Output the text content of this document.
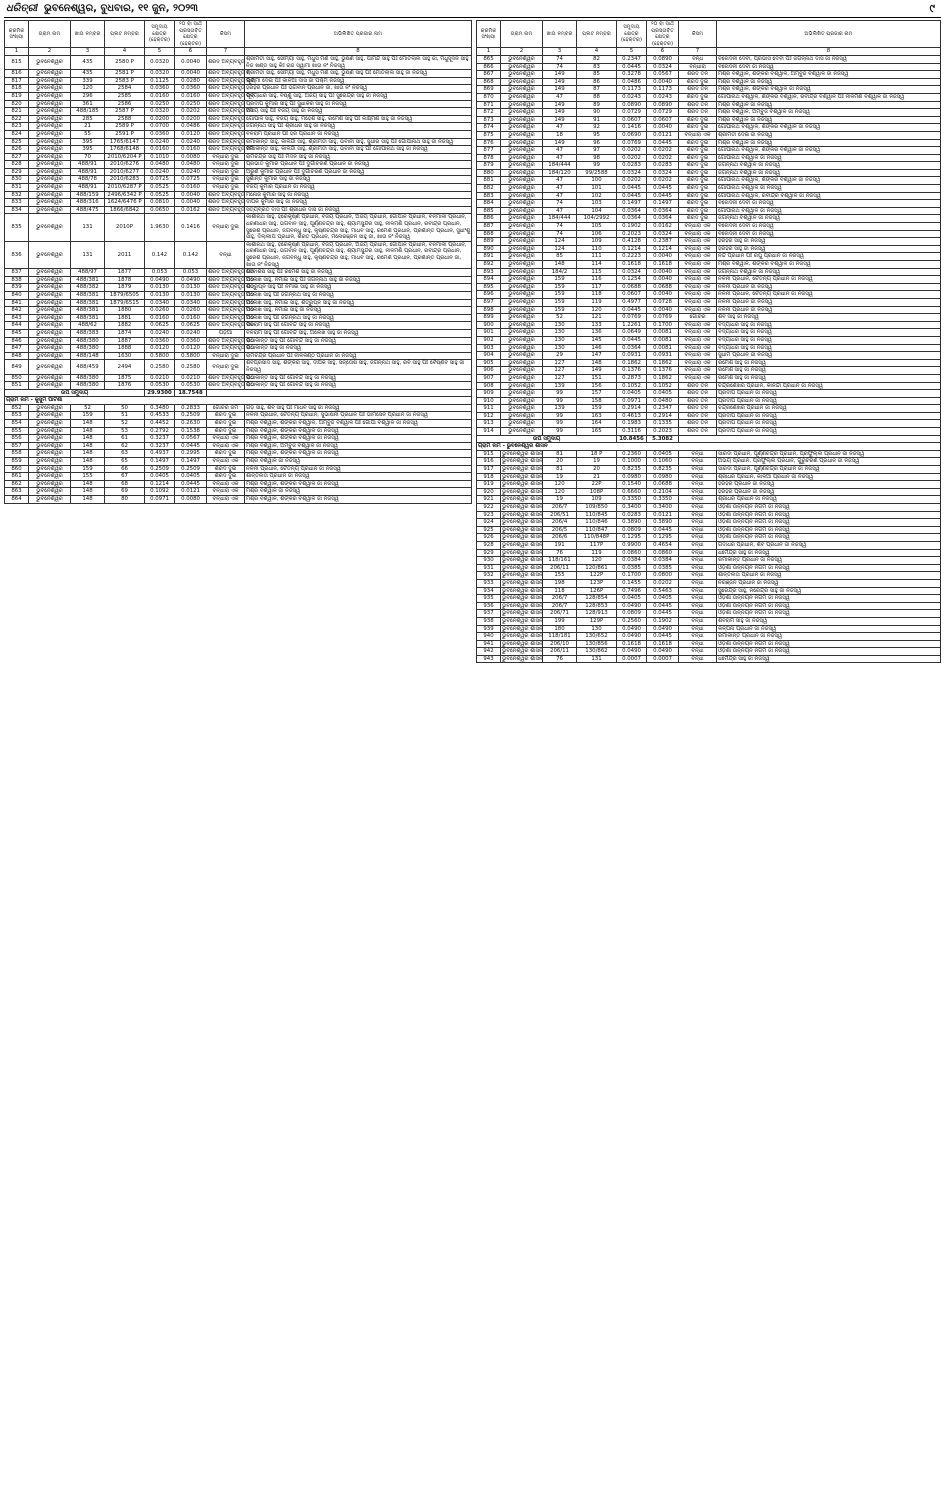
ଧରିତ୍ରୀ ଭୁବନେଶ୍ୱର, ବୁଧବାର, ୧୧ ଜୁନ, ୨୦୨୩	୯
କ୍ରମିକ ସଂଖ୍ୟା	ଗ୍ରାମ ନାମ	ଖାତା ନମ୍ବର	ପ୍ଲଟ ନମ୍ବର	ସମୁଦାୟ କ୍ଷେତ୍ର (ହେକ୍ଟର)	୨୦ ବା ସାର୍ଥ ପ୍ରସ୍ତାବିତ କ୍ଷେତ୍ର (ହେକ୍ଟର)	କିସମ	ଅଭିଲିଖିତ ପ୍ରଜାର ନାମ
1	2	3	4	5	6	7	8
815	ଭୁବନେଶ୍ୱର	435	2580 P	0.0320	0.0040	ଶରଦ ଅବ୍ୟବହୃତ	ଶ୍ରୀମତୀ ସାହୁ, ସୌମ୍ୟା ସାହୁ, ମଧୁସ ମଣି ସାହୁ, ଭୁଷଣ ସାହୁ, ପାମିନ୍ଦ ସାହୁ ପିଃ ମୋତିଲାଲ ସାହୁ ଜା, ମଧୁସୂଦନ ସାହୁ ନିଜ ଖଣ୍ଡ ସାହୁ କିଃ ରାଜ ସ୍ୱାମୀ ଖାତା ନଂ ନିଜସ୍ୱ
816	ଭୁବନେଶ୍ୱର	435	2581 P	0.0320	0.0040	ଶରଦ ଅବ୍ୟବହୃତ ୧	ଶ୍ରୀମତୀ ସାହୁ, ସୌମ୍ୟା ସାହୁ, ମଧୁସ ମଣି ସାହୁ, ଭୁଷଣ ସାହୁ ପିଃ ମୋତିଲାଲ ସାହୁ ଜା ନିଜସ୍ୱ
817	ଭୁବନେଶ୍ୱର	339	2583 P	0.1125	0.0280	ଶରଦ ଅବ୍ୟବହୃତ ପୂର୍ବ	ଲକ୍ଷ୍ମୀ ଦେଇ ପିଃ କାଳିଆ ଦାସ ଜା ପଶ୍ଚିମ ନିଜସ୍ୱ
818	ଭୁବନେଶ୍ୱର	120	2584	0.0360	0.0360	ଶରଦ ଅବ୍ୟବହୃତ	ହରିହର ପ୍ରଧାନ ପିଃ ଭଗବାନ ପ୍ରଧାନ ଜା, ଖାତା ନଂ ନିଜସ୍ୱ
819	ଭୁବନେଶ୍ୱର	296	2585	0.0160	0.0160	ଶରଦ ଅବ୍ୟବହୃତ ପୂର୍ବ	ବିଦ୍ୟାଧର ସାହୁ, ବିଷ୍ଣୁ ସାହୁ, ଅଜୟ ସାହୁ ପିଃ ସୁରେନ୍ଦ୍ର ସାହୁ ଜା ନିଜସ୍ୱ
820	ଭୁବନେଶ୍ୱର	361	2586	0.0250	0.0250	ଶରଦ ଅବ୍ୟବହୃତ	ପ୍ରଦୀପ କୁମାର ସାହୁ ପିଃ ସୁଧାକର ସାହୁ ଜା ନିଜସ୍ୱ
821	ଭୁବନେଶ୍ୱର	488/185	2587 P	0.0320	0.0202	ଶରଦ ଅବ୍ୟବହୃତ ୧ମ	ଅଜୟ ସାହୁ ପିଃ ବିଜୟ ସାହୁ ଜା ନିଜସ୍ୱ
822	ଭୁବନେଶ୍ୱର	285	2588	0.0200	0.0200	ଶରଦ ଅବ୍ୟବହୃତ	ଗୋପାଳ ସାହୁ, ବିଜୟ ସାହୁ, ମହେଶ ସାହୁ, ରମେଶ ସାହୁ ପିଃ ଲକ୍ଷ୍ମଣ ସାହୁ ଜା ନିଜସ୍ୱ
823	ଭୁବନେଶ୍ୱର	21	2589 P	0.0700	0.0486	ଶରଦ ଅବ୍ୟବହୃତ	ଜଗନ୍ନାଥ ସାହୁ ପିଃ ଶ୍ରୀଧର ସାହୁ ଜା ନିଜସ୍ୱ
824	ଭୁବନେଶ୍ୱର	55	2591 P	0.0360	0.0120	ଶରଦ ଅବ୍ୟବହୃତ	ବଳରାମ ପ୍ରଧାନ ପିଃ ହରି ପ୍ରଧାନ ଜା ନିଜସ୍ୱ
825	ଭୁବନେଶ୍ୱର	395	1765/6147	0.0240	0.0240	ଶରଦ ଅବ୍ୟବହୃତ	ରମାକାନ୍ତ ସାହୁ, କାଳିନ୍ଦୀ ସାହୁ, ଶ୍ରୀମତୀ ସାହୁ, ଭବାନୀ ସାହୁ, ସୁଧୀର ସାହୁ ପିଃ ଗୋପୀନାଥ ସାହୁ ଜା ନିଜସ୍ୱ
826	ଭୁବନେଶ୍ୱର	395	1768/6148	0.0160	0.0160	ଶରଦ ଅବ୍ୟବହୃତ ୧ମ	ରମାକାନ୍ତ ସାହୁ, କାଳିନ୍ଦୀ ସାହୁ, ଶ୍ରୀମତୀ ସାହୁ, ଭବାନୀ ସାହୁ ପିଃ ଗୋପୀନାଥ ସାହୁ ଜା ନିଜସ୍ୱ
827	ଭୁବନେଶ୍ୱର	70	2010/6204 P	0.1010	0.0080	ବନ୍ଧାରା ଦୁଇ	ରାମଚନ୍ଦ୍ର ସାହୁ ପିଃ ମଦନ ସାହୁ ଜା ନିଜସ୍ୱ
828	ଭୁବନେଶ୍ୱର	488/91	2010/6276	0.0480	0.0480	ବନ୍ଧାରା ଦୁଇ	ପ୍ରଭାତ କୁମାର ପ୍ରଧାନ ପିଃ ଦୁର୍ଗାଚରଣ ପ୍ରଧାନ ଜା ନିଜସ୍ୱ
829	ଭୁବନେଶ୍ୱର	488/91	2010/6277	0.0240	0.0240	ବନ୍ଧାରା ଦୁଇ	ଅରୁଣ କୁମାର ପ୍ରଧାନ ପିଃ ଦୁର୍ଗାଚରଣ ପ୍ରଧାନ ଜା ନିଜସ୍ୱ
830	ଭୁବନେଶ୍ୱର	488/78	2010/6283	0.0725	0.0725	ବନ୍ଧାରା ଦୁଇ	ସୁଶାନ୍ତ କୁମାର ସାହୁ ଜା ନିଜସ୍ୱ
831	ଭୁବନେଶ୍ୱର	488/91	2010/6287 P	0.0525	0.0160	ବନ୍ଧାରା ଦୁଇ	ବିଜୟ କୁମାର ପ୍ରଧାନ ଜା ନିଜସ୍ୱ
832	ଭୁବନେଶ୍ୱର	488/159	2496/6342 P	0.0525	0.0040	ଶରଦ ଅବ୍ୟବହୃତ	ମନୋଜ କୁମାର ସାହୁ ଜା ନିଜସ୍ୱ
833	ଭୁବନେଶ୍ୱର	488/316	1624/6476 P	0.0810	0.0040	ଶରଦ ଅବ୍ୟବହୃତ	ଦୀପକ କୁମାର ସାହୁ ଜା ନିଜସ୍ୱ
834	ଭୁବନେଶ୍ୱର	488/475	1866/6842	0.0650	0.0162	ଶରଦ ଅବ୍ୟବହୃତ	ସତ୍ୟବ୍ରତ ଦାସ ପିଃ ଶ୍ରୀଧର ଦାସ ଜା ନିଜସ୍ୱ
835	ଭୁବନେଶ୍ୱର	131	2010P	1.9630	0.1416	ବନ୍ଧାରା ଦୁଇ	କାଶୀନାଥ ସାହୁ, ହରେକୃଷ୍ଣ ପ୍ରଧାନ, ବିଜୟ ପ୍ରଧାନ, ଅଜୟ ପ୍ରଧାନ, ଗୋପାଳ ପ୍ରଧାନ, ବନମାଳୀ ପ୍ରଧାନ, ଧରଣୀଧର ସାହୁ, ଭଗବାନ ସାହୁ, ପୂର୍ଣ୍ଣଚନ୍ଦ୍ର ସାହୁ, ଶ୍ୟାମସୁନ୍ଦର ସାହୁ, ନୀଳମଣି ପ୍ରଧାନ, ରବୀନ୍ଦ୍ର ପ୍ରଧାନ, ସୁରେଶ ପ୍ରଧାନ, ଜଗବନ୍ଧୁ ସାହୁ, କୃଷ୍ଣଚନ୍ଦ୍ର ସାହୁ, ମାଧବ ସାହୁ, ରମେଶ ପ୍ରଧାନ, ପ୍ରଶାନ୍ତ ପ୍ରଧାନ, ସୁଧାଂଶୁ ସାହୁ, ଦିଲ୍ଲୀପ ପ୍ରଧାନ, ଶରତ ପ୍ରଧାନ, ମନୋରଞ୍ଜନ ସାହୁ ଜା, ଖାତା ନଂ ନିଜସ୍ୱ
836	ଭୁବନେଶ୍ୱର	131	2011	0.142	0.142	ବନ୍ଧା	କାଶୀନାଥ ସାହୁ, ହରେକୃଷ୍ଣ ପ୍ରଧାନ, ବିଜୟ ପ୍ରଧାନ, ଅଜୟ ପ୍ରଧାନ, ଗୋପାଳ ପ୍ରଧାନ, ବନମାଳୀ ପ୍ରଧାନ, ଧରଣୀଧର ସାହୁ, ଭଗବାନ ସାହୁ, ପୂର୍ଣ୍ଣଚନ୍ଦ୍ର ସାହୁ, ଶ୍ୟାମସୁନ୍ଦର ସାହୁ, ନୀଳମଣି ପ୍ରଧାନ, ରବୀନ୍ଦ୍ର ପ୍ରଧାନ, ସୁରେଶ ପ୍ରଧାନ, ଜଗବନ୍ଧୁ ସାହୁ, କୃଷ୍ଣଚନ୍ଦ୍ର ସାହୁ, ମାଧବ ସାହୁ, ରମେଶ ପ୍ରଧାନ, ପ୍ରଶାନ୍ତ ପ୍ରଧାନ ଜା, ଖାତା ନଂ ନିଜସ୍ୱ
837	ଭୁବନେଶ୍ୱର	488/97	1877	0.053	0.053	ଶରଦ ଅବ୍ୟବହୃତ ପିଠି	ଦେବାଶିଷ ସାହୁ ପିଃ ରମେଶ ସାହୁ ଜା ନିଜସ୍ୱ
838	ଭୁବନେଶ୍ୱର	488/381	1878	0.0490	0.0490	ଶରଦ ଅବ୍ୟବହୃତ ପିଠି	ଅଲେଖ ସାହୁ, ନିମାଇ ସାହୁ ପିଃ ଜଗନ୍ନାଥ ସାହୁ ଜା ନିଜସ୍ୱ
839	ଭୁବନେଶ୍ୱର	488/382	1879	0.0130	0.0130	ଶରଦ ଅବ୍ୟବହୃତ ପିଠି	ଶତ୍ରୁଘ୍ନ ସାହୁ ପିଃ ନିମାଇ ସାହୁ ଜା ନିଜସ୍ୱ
840	ଭୁବନେଶ୍ୱର	488/381	1879/6505	0.0130	0.0130	ଶରଦ ଅବ୍ୟବହୃତ ପିଠି	ଅଲେଖ ସାହୁ ପିଃ ଜଗନ୍ନାଥ ସାହୁ ଜା ନିଜସ୍ୱ
841	ଭୁବନେଶ୍ୱର	488/381	1879/6515	0.0340	0.0340	ଶରଦ ଅବ୍ୟବହୃତ ପିଠି	ଅଲେଖ ସାହୁ, ନିମାଇ ସାହୁ, ଶତ୍ରୁଘ୍ନ ସାହୁ ଜା ନିଜସ୍ୱ
842	ଭୁବନେଶ୍ୱର	488/381	1880	0.0260	0.0260	ଶରଦ ଅବ୍ୟବହୃତ ପିଠି	ଅଲେଖ ସାହୁ, ନିମାଇ ସାହୁ ଜା ନିଜସ୍ୱ
843	ଭୁବନେଶ୍ୱର	488/381	1881	0.0160	0.0160	ଶରଦ ଅବ୍ୟବହୃତ ପିଠି	ଅଲେଖ ସାହୁ ପିଃ ଜଗନ୍ନାଥ ସାହୁ ଜା ନିଜସ୍ୱ
844	ଭୁବନେଶ୍ୱର	488/62	1882	0.0625	0.0625	ଶରଦ ଅବ୍ୟବହୃତ ପିଠି	ବଳରାମ ସାହୁ ପିଃ ଗୋବିନ୍ଦ ସାହୁ ଜା ନିଜସ୍ୱ
845	ଭୁବନେଶ୍ୱର	488/383	1874	0.0240	0.0240	ପଡ଼ିଆ	ବଳରାମ ସାହୁ ପିଃ ଗୋବିନ୍ଦ ସାହୁ, ଅଲେଖ ସାହୁ ଜା ନିଜସ୍ୱ
846	ଭୁବନେଶ୍ୱର	488/380	1887	0.0360	0.0360	ଶରଦ ଅବ୍ୟବହୃତ ପିଠି	ରାଧାକାନ୍ତ ସାହୁ ପିଃ ଗୋବିନ୍ଦ ସାହୁ ଜା ନିଜସ୍ୱ
847	ଭୁବନେଶ୍ୱର	488/380	1888	0.0120	0.0120	ଶରଦ ଅବ୍ୟବହୃତ ପିଠି	ରାଧାକାନ୍ତ ସାହୁ ଜା ନିଜସ୍ୱ
848	ଭୁବନେଶ୍ୱର	488/148	1630	0.5800	0.5800	ବନ୍ଧାରା ଦୁଇ	ରାମଚନ୍ଦ୍ର ପ୍ରଧାନ ପିଃ ନୀଳକଣ୍ଠ ପ୍ରଧାନ ଜା ନିଜସ୍ୱ
849	ଭୁବନେଶ୍ୱର	488/459	2494	0.2580	0.2580	ବନ୍ଧାରା ଦୁଇ	ଶିବପ୍ରସାଦ ସାହୁ, ଶଙ୍କର ସାହୁ, ଦୀପକ ସାହୁ, ସନ୍ତୋଷ ସାହୁ, ଜଗନ୍ନାଥ ସାହୁ, ରବି ସାହୁ ପିଃ ବୈଷ୍ଣବ ସାହୁ ଜା ନିଜସ୍ୱ
850	ଭୁବନେଶ୍ୱର	488/380	1875	0.0210	0.0210	ଶରଦ ଅବ୍ୟବହୃତ ପିଠି	ରାଧାକାନ୍ତ ସାହୁ ପିଃ ଗୋବିନ୍ଦ ସାହୁ ଜା ନିଜସ୍ୱ
851	ଭୁବନେଶ୍ୱର	488/380	1876	0.0530	0.0530	ଶରଦ ଅବ୍ୟବହୃତ ପିଠି	ରାଧାକାନ୍ତ ସାହୁ ପିଃ ଗୋବିନ୍ଦ ସାହୁ ଜା ନିଜସ୍ୱ
ଉପ ସମୁଦାୟ				29.9300	18.7548		
ଗ୍ରାମ ନାମ - କୁସୁମ ପାଟଣା							
852	ଭୁବନେଶ୍ୱର	52	50	0.3480	0.2833	ଗୋଚର ଜମି	ଗଡ଼ ସାହୁ, ଶିବ ସାହୁ ପିଃ ମାଧବ ସାହୁ ଜା ନିଜସ୍ୱ
853	ଭୁବନେଶ୍ୱର	159	51	0.4533	0.2509	ଶରଦ ଦୁଇ	ନଳିନୀ ପ୍ରଧାନ, ଚୈତନ୍ୟ ପ୍ରଧାନ, ସୁଭାଷିନୀ ପ୍ରଧାନ ପିଃ ଭୀମସେନ ପ୍ରଧାନ ଜା ନିଜସ୍ୱ
854	ଭୁବନେଶ୍ୱର	148	52	0.4452	0.2630	ଶରଦ ଦୁଇ	ମିଶ୍ର ବିଶ୍ୱାଳ, ଶଙ୍କର ବିଶ୍ୱାଳ, ଅମ୍ବୁଜ ବିଶ୍ୱାଳ ପିଃ ଗୋପୀ ବିଶ୍ୱାଳ ଜା ନିଜସ୍ୱ
855	ଭୁବନେଶ୍ୱର	148	53	0.2792	0.1538	ଶରଦ ଦୁଇ	ମିଶ୍ର ବିଶ୍ୱାଳ, ଶଙ୍କର ବିଶ୍ୱାଳ ଜା ନିଜସ୍ୱ
856	ଭୁବନେଶ୍ୱର	148	61	0.3237	0.0567	ବନ୍ଧାରା ଏକ	ମିଶ୍ର ବିଶ୍ୱାଳ, ଶଙ୍କର ବିଶ୍ୱାଳ ଜା ନିଜସ୍ୱ
857	ଭୁବନେଶ୍ୱର	148	62	0.3237	0.0445	ବନ୍ଧାରା ଏକ	ମିଶ୍ର ବିଶ୍ୱାଳ, ଅମ୍ବୁଜ ବିଶ୍ୱାଳ ଜା ନିଜସ୍ୱ
858	ଭୁବନେଶ୍ୱର	148	63	0.4937	0.2995	ଶରଦ ଦୁଇ	ମିଶ୍ର ବିଶ୍ୱାଳ, ଶଙ୍କର ବିଶ୍ୱାଳ ଜା ନିଜସ୍ୱ
859	ଭୁବନେଶ୍ୱର	148	65	0.1497	0.1497	ବନ୍ଧାରା ଏକ	ମିଶ୍ର ବିଶ୍ୱାଳ ଜା ନିଜସ୍ୱ
860	ଭୁବନେଶ୍ୱର	159	66	0.2509	0.2509	ଶରଦ ଦୁଇ	ନଳିନୀ ପ୍ରଧାନ, ଚୈତନ୍ୟ ପ୍ରଧାନ ଜା ନିଜସ୍ୱ
861	ଭୁବନେଶ୍ୱର	155	67	0.0405	0.0405	ଶରଦ ଦୁଇ	ଶାନ୍ତିଲତା ପ୍ରଧାନ ଜା ନିଜସ୍ୱ
862	ଭୁବନେଶ୍ୱର	148	68	0.1214	0.0445	ବନ୍ଧାରା ଏକ	ମିଶ୍ର ବିଶ୍ୱାଳ, ଶଙ୍କର ବିଶ୍ୱାଳ ଜା ନିଜସ୍ୱ
863	ଭୁବନେଶ୍ୱର	148	69	0.1092	0.0121	ବନ୍ଧାରା ଏକ	ମିଶ୍ର ବିଶ୍ୱାଳ ଜା ନିଜସ୍ୱ
864	ଭୁବନେଶ୍ୱର	148	80	0.0971	0.0080	ବନ୍ଧାରା ଏକ	ମିଶ୍ର ବିଶ୍ୱାଳ, ଶଙ୍କର ବିଶ୍ୱାଳ ଜା ନିଜସ୍ୱ
କ୍ରମିକ ସଂଖ୍ୟା	ଗ୍ରାମ ନାମ	ଖାତା ନମ୍ବର	ପ୍ଲଟ ନମ୍ବର	ସମୁଦାୟ କ୍ଷେତ୍ର (ହେକ୍ଟର)	୨୦ ବା ସାର୍ଥ ପ୍ରସ୍ତାବିତ କ୍ଷେତ୍ର (ହେକ୍ଟର)	କିସମ	ଅଭିଲିଖିତ ପ୍ରଜାର ନାମ
1	2	3	4	5	6	7	8
865	ଭୁବନେଶ୍ୱର	74	82	0.2347	0.0890	ବନ୍ଧ	ବିନୋଦିନୀ ଦେବୀ, ପ୍ରଭାସ ଦେବୀ ପିଃ ଜଗନ୍ନାଥ ଦାସ ଜା ନିଜସ୍ୱ
866	ଭୁବନେଶ୍ୱର	74	83	0.0445	0.0324	ବନ୍ଧାରା	ବିନୋଦିନୀ ଦେବୀ ଜା ନିଜସ୍ୱ
867	ଭୁବନେଶ୍ୱର	149	85	0.3278	0.0567	ଶରଦ ତିନି	ମିଶ୍ର ବିଶ୍ୱାଳ, ଶଙ୍କର ବିଶ୍ୱାଳ, ଅମ୍ବୁଜ ବିଶ୍ୱାଳ ଜା ନିଜସ୍ୱ
868	ଭୁବନେଶ୍ୱର	149	86	0.0486	0.0040	ଶରଦ ଦୁଇ	ମିଶ୍ର ବିଶ୍ୱାଳ ଜା ନିଜସ୍ୱ
869	ଭୁବନେଶ୍ୱର	149	87	0.1173	0.1173	ଶରଦ ତିନି	ମିଶ୍ର ବିଶ୍ୱାଳ, ଶଙ୍କର ବିଶ୍ୱାଳ ଜା ନିଜସ୍ୱ
870	ଭୁବନେଶ୍ୱର	47	88	0.0243	0.0243	ଶରଦ ଦୁଇ	ଗୋପୀନାଥ ବିଶ୍ୱାଳ, ଶଙ୍କର ବିଶ୍ୱାଳ, ରବୀନ୍ଦ୍ର ବିଶ୍ୱାଳ ପିଃ ନୀଳମଣି ବିଶ୍ୱାଳ ଜା ନିଜସ୍ୱ
871	ଭୁବନେଶ୍ୱର	149	89	0.0890	0.0890	ଶରଦ ତିନି	ମିଶ୍ର ବିଶ୍ୱାଳ ଜା ନିଜସ୍ୱ
872	ଭୁବନେଶ୍ୱର	149	90	0.0729	0.0729	ଶରଦ ତିନି	ମିଶ୍ର ବିଶ୍ୱାଳ, ଅମ୍ବୁଜ ବିଶ୍ୱାଳ ଜା ନିଜସ୍ୱ
873	ଭୁବନେଶ୍ୱର	149	91	0.0607	0.0607	ଶରଦ ଦୁଇ	ମିଶ୍ର ବିଶ୍ୱାଳ ଜା ନିଜସ୍ୱ
874	ଭୁବନେଶ୍ୱର	47	92	0.1416	0.0040	ଶରଦ ଦୁଇ	ଗୋପୀନାଥ ବିଶ୍ୱାଳ, ଶଙ୍କର ବିଶ୍ୱାଳ ଜା ନିଜସ୍ୱ
875	ଭୁବନେଶ୍ୱର	18	95	0.0690	0.0121	ବନ୍ଧାରା ଏକ	ଶ୍ରୀମତୀ ଦେଇ ଜା ନିଜସ୍ୱ
876	ଭୁବନେଶ୍ୱର	149	96	0.0769	0.0445	ଶରଦ ଦୁଇ	ମିଶ୍ର ବିଶ୍ୱାଳ ଜା ନିଜସ୍ୱ
877	ଭୁବନେଶ୍ୱର	47	97	0.0202	0.0202	ଶରଦ ଦୁଇ	ଗୋପୀନାଥ ବିଶ୍ୱାଳ, ଶଙ୍କର ବିଶ୍ୱାଳ ଜା ନିଜସ୍ୱ
878	ଭୁବନେଶ୍ୱର	47	98	0.0202	0.0202	ଶରଦ ଦୁଇ	ଗୋପୀନାଥ ବିଶ୍ୱାଳ ଜା ନିଜସ୍ୱ
879	ଭୁବନେଶ୍ୱର	184/444	99	0.0283	0.0283	ଶରଦ ଦୁଇ	ଜଗନ୍ନାଥ ବିଶ୍ୱାଳ ଜା ନିଜସ୍ୱ
880	ଭୁବନେଶ୍ୱର	184/120	99/2588	0.0324	0.0324	ଶରଦ ଦୁଇ	ଜଗନ୍ନାଥ ବିଶ୍ୱାଳ ଜା ନିଜସ୍ୱ
881	ଭୁବନେଶ୍ୱର	47	100	0.0202	0.0202	ଶରଦ ଦୁଇ	ଗୋପୀନାଥ ବିଶ୍ୱାଳ, ଶଙ୍କର ବିଶ୍ୱାଳ ଜା ନିଜସ୍ୱ
882	ଭୁବନେଶ୍ୱର	47	101	0.0445	0.0445	ଶରଦ ଦୁଇ	ଗୋପୀନାଥ ବିଶ୍ୱାଳ ଜା ନିଜସ୍ୱ
883	ଭୁବନେଶ୍ୱର	47	102	0.0445	0.0445	ଶରଦ ଦୁଇ	ଗୋପୀନାଥ ବିଶ୍ୱାଳ, ରବୀନ୍ଦ୍ର ବିଶ୍ୱାଳ ଜା ନିଜସ୍ୱ
884	ଭୁବନେଶ୍ୱର	74	103	0.1497	0.1497	ଶରଦ ଦୁଇ	ବିନୋଦିନୀ ଦେବୀ ଜା ନିଜସ୍ୱ
885	ଭୁବନେଶ୍ୱର	47	104	0.0364	0.0364	ଶରଦ ଦୁଇ	ଗୋପୀନାଥ ବିଶ୍ୱାଳ ଜା ନିଜସ୍ୱ
886	ଭୁବନେଶ୍ୱର	184/444	104/2992	0.0364	0.0364	ଶରଦ ଦୁଇ	ଜଗନ୍ନାଥ ବିଶ୍ୱାଳ ଜା ନିଜସ୍ୱ
887	ଭୁବନେଶ୍ୱର	74	105	0.1902	0.0162	ବନ୍ଧାରା ଏକ	ବିନୋଦିନୀ ଦେବୀ ଜା ନିଜସ୍ୱ
888	ଭୁବନେଶ୍ୱର	74	106	0.2023	0.0324	ବନ୍ଧାରା ଏକ	ବିନୋଦିନୀ ଦେବୀ ଜା ନିଜସ୍ୱ
889	ଭୁବନେଶ୍ୱର	124	109	0.4128	0.2387	ବନ୍ଧାରା ଏକ	ହରିହର ସାହୁ ଜା ନିଜସ୍ୱ
890	ଭୁବନେଶ୍ୱର	124	110	0.1214	0.1214	ବନ୍ଧାରା ଏକ	ହରିହର ସାହୁ ଜା ନିଜସ୍ୱ
891	ଭୁବନେଶ୍ୱର	85	111	0.2223	0.0040	ବନ୍ଧାରା ଏକ	ନନ୍ଦ ପ୍ରଧାନ ପିଃ ରଘୁ ପ୍ରଧାନ ଜା ନିଜସ୍ୱ
892	ଭୁବନେଶ୍ୱର	148	114	0.1618	0.1618	ବନ୍ଧାରା ଏକ	ମିଶ୍ର ବିଶ୍ୱାଳ, ଶଙ୍କର ବିଶ୍ୱାଳ ଜା ନିଜସ୍ୱ
893	ଭୁବନେଶ୍ୱର	184/2	115	0.0324	0.0040	ବନ୍ଧାରା ଏକ	ଜଗନ୍ନାଥ ବିଶ୍ୱାଳ ଜା ନିଜସ୍ୱ
894	ଭୁବନେଶ୍ୱର	159	116	0.1254	0.0040	ବନ୍ଧାରା ଏକ	ନଳିନୀ ପ୍ରଧାନ, ଚୈତନ୍ୟ ପ୍ରଧାନ ଜା ନିଜସ୍ୱ
895	ଭୁବନେଶ୍ୱର	159	117	0.0688	0.0688	ବନ୍ଧାରା ଏକ	ନଳିନୀ ପ୍ରଧାନ ଜା ନିଜସ୍ୱ
896	ଭୁବନେଶ୍ୱର	159	118	0.0607	0.0040	ବନ୍ଧାରା ଏକ	ନଳିନୀ ପ୍ରଧାନ, ଚୈତନ୍ୟ ପ୍ରଧାନ ଜା ନିଜସ୍ୱ
897	ଭୁବନେଶ୍ୱର	159	119	0.4977	0.0728	ବନ୍ଧାରା ଏକ	ନଳିନୀ ପ୍ରଧାନ ଜା ନିଜସ୍ୱ
898	ଭୁବନେଶ୍ୱର	159	120	0.0445	0.0040	ବନ୍ଧାରା ଏକ	ନଳିନୀ ପ୍ରଧାନ ଜା ନିଜସ୍ୱ
899	ଭୁବନେଶ୍ୱର	52	121	0.0769	0.0769	ଗୋଚର	ଶିବ ସାହୁ ଜା ନିଜସ୍ୱ
900	ଭୁବନେଶ୍ୱର	130	133	1.2261	0.1700	ବନ୍ଧାରା ଏକ	ବିଦ୍ୟାଧର ସାହୁ ଜା ନିଜସ୍ୱ
901	ଭୁବନେଶ୍ୱର	130	136	0.0649	0.0081	ବନ୍ଧାରା ଏକ	ବିଦ୍ୟାଧର ସାହୁ ଜା ନିଜସ୍ୱ
902	ଭୁବନେଶ୍ୱର	130	145	0.0445	0.0081	ବନ୍ଧାରା ଏକ	ବିଦ୍ୟାଧର ସାହୁ ଜା ନିଜସ୍ୱ
903	ଭୁବନେଶ୍ୱର	130	146	0.0364	0.0081	ବନ୍ଧାରା ଏକ	ବିଦ୍ୟାଧର ସାହୁ ଜା ନିଜସ୍ୱ
904	ଭୁବନେଶ୍ୱର	29	147	0.0931	0.0931	ବନ୍ଧାରା ଏକ	ସୁଧାମ ପ୍ରଧାନ ଜା ନିଜସ୍ୱ
905	ଭୁବନେଶ୍ୱର	127	148	0.1862	0.1862	ବନ୍ଧାରା ଏକ	ରମେଶ ସାହୁ ଜା ନିଜସ୍ୱ
906	ଭୁବନେଶ୍ୱର	127	149	0.1376	0.1376	ବନ୍ଧାରା ଏକ	ରମେଶ ସାହୁ ଜା ନିଜସ୍ୱ
907	ଭୁବନେଶ୍ୱର	127	151	0.2873	0.1862	ବନ୍ଧାରା ଏକ	ରମେଶ ସାହୁ ଜା ନିଜସ୍ୱ
908	ଭୁବନେଶ୍ୱର	139	156	0.1052	0.1052	ଶରଦ ତିନି	ଚନ୍ଦ୍ରଶେଖର ପ୍ରଧାନ, କାଳନ୍ଦୀ ପ୍ରଧାନ ଜା ନିଜସ୍ୱ
909	ଭୁବନେଶ୍ୱର	99	157	0.0405	0.0405	ଶରଦ ତିନି	ପ୍ରଦୀପ ପ୍ରଧାନ ଜା ନିଜସ୍ୱ
910	ଭୁବନେଶ୍ୱର	99	158	0.0971	0.0480	ଶରଦ ତିନି	ପ୍ରଦୀପ ପ୍ରଧାନ ଜା ନିଜସ୍ୱ
911	ଭୁବନେଶ୍ୱର	139	159	0.2914	0.2347	ଶରଦ ତିନି	ଚନ୍ଦ୍ରଶେଖର ପ୍ରଧାନ ଜା ନିଜସ୍ୱ
912	ଭୁବନେଶ୍ୱର	99	163	0.4613	0.2914	ଶରଦ ତିନି	ପ୍ରଦୀପ ପ୍ରଧାନ ଜା ନିଜସ୍ୱ
913	ଭୁବନେଶ୍ୱର	99	164	0.1983	0.1335	ଶରଦ ତିନି	ପ୍ରଦୀପ ପ୍ରଧାନ ଜା ନିଜସ୍ୱ
914	ଭୁବନେଶ୍ୱର	99	165	0.3116	0.2023	ଶରଦ ତିନି	ପ୍ରଦୀପ ପ୍ରଧାନ ଜା ନିଜସ୍ୱ
ଉପ ସମୁଦାୟ				10.8456	5.3082		
ଗ୍ରାମ ନାମ - ଭୁବନେଶ୍ୱର ଶାସନ							
915	ଭୁବନେଶ୍ୱର ଶାସନ	81	18 P	0.2360	0.0405	ବନ୍ଧା	ସାରଦା ପ୍ରଧାନ, ପୂର୍ଣ୍ଣଚନ୍ଦ୍ର ପ୍ରଧାନ, ପ୍ରଫୁଲ୍ଲ ପ୍ରଧାନ ଜା ନିଜସ୍ୱ
916	ଭୁବନେଶ୍ୱର ଶାସନ	20	19	0.1000	0.1060	ବନ୍ଧା	ଅଭୟ ପ୍ରଧାନ, ପ୍ରଫୁଲ୍ଲ ପ୍ରଧାନ, ଗୁରୁଚରଣ ପ୍ରଧାନ ଜା ନିଜସ୍ୱ
917	ଭୁବନେଶ୍ୱର ଶାସନ	81	20	0.8235	0.8235	ବନ୍ଧା	ସାରଦା ପ୍ରଧାନ, ପୂର୍ଣ୍ଣଚନ୍ଦ୍ର ପ୍ରଧାନ ଜା ନିଜସ୍ୱ
918	ଭୁବନେଶ୍ୱର ଶାସନ	19	21	0.0980	0.0980	ବନ୍ଧା	ଶ୍ରୀଧର ପ୍ରଧାନ, କାଳିଆ ପ୍ରଧାନ ଜା ନିଜସ୍ୱ
919	ଭୁବନେଶ୍ୱର ଶାସନ	120	22P	0.1540	0.0688	ବନ୍ଧା	ହରିହର ପ୍ରଧାନ ଜା ନିଜସ୍ୱ
920	ଭୁବନେଶ୍ୱର ଶାସନ	120	108P	0.6660	0.2104	ବନ୍ଧା	ହରିହର ପ୍ରଧାନ ଜା ନିଜସ୍ୱ
921	ଭୁବନେଶ୍ୱର ଶାସନ	19	109	0.3350	0.3350	ବନ୍ଧା	ଶ୍ରୀଧର ପ୍ରଧାନ ଜା ନିଜସ୍ୱ
922	ଭୁବନେଶ୍ୱର ଶାସନ	206/7	109/850	0.3400	0.3400	ବନ୍ଧା	ଓଡ଼ିଶା ଉନ୍ନୟନ ନିଗମ ଜା ନିଜସ୍ୱ
923	ଭୁବନେଶ୍ୱର ଶାସନ	206/51	110/845	0.0283	0.0121	ବନ୍ଧା	ଓଡ଼ିଶା ଉନ୍ନୟନ ନିଗମ ଜା ନିଜସ୍ୱ
924	ଭୁବନେଶ୍ୱର ଶାସନ	206/4	110/846	0.3890	0.3890	ବନ୍ଧା	ଓଡ଼ିଶା ଉନ୍ନୟନ ନିଗମ ଜା ନିଜସ୍ୱ
925	ଭୁବନେଶ୍ୱର ଶାସନ	206/5	110/847	0.0809	0.0445	ବନ୍ଧା	ଓଡ଼ିଶା ଉନ୍ନୟନ ନିଗମ ଜା ନିଜସ୍ୱ
926	ଭୁବନେଶ୍ୱର ଶାସନ	206/6	110/848P	0.1295	0.1295	ବନ୍ଧା	ଓଡ଼ିଶା ଉନ୍ନୟନ ନିଗମ ଜା ନିଜସ୍ୱ
928	ଭୁବନେଶ୍ୱର ଶାସନ	191	117P	0.9900	0.4654	ବନ୍ଧା	ଗଦାଧର ପ୍ରଧାନ, ଶିବ ପ୍ରଧାନ ଜା ନିଜସ୍ୱ
929	ଭୁବନେଶ୍ୱର ଶାସନ	76	119	0.0860	0.0860	ବନ୍ଧା	ଧର୍ମେନ୍ଦ୍ର ସାହୁ ଜା ନିଜସ୍ୱ
930	ଭୁବନେଶ୍ୱର ଶାସନ	118/161	120	0.0384	0.0384	ବନ୍ଧା	ରମାକାନ୍ତ ପ୍ରଧାନ ଜା ନିଜସ୍ୱ
931	ଭୁବନେଶ୍ୱର ଶାସନ	206/11	120/861	0.0385	0.0385	ବନ୍ଧା	ଓଡ଼ିଶା ଉନ୍ନୟନ ନିଗମ ଜା ନିଜସ୍ୱ
932	ଭୁବନେଶ୍ୱର ଶାସନ	155	122P	0.1700	0.0800	ବନ୍ଧା	ଶାନ୍ତିଲତା ପ୍ରଧାନ ଜା ନିଜସ୍ୱ
933	ଭୁବନେଶ୍ୱର ଶାସନ	198	123P	0.1455	0.0202	ବନ୍ଧା	ନିରଞ୍ଜନ ପ୍ରଧାନ ଜା ନିଜସ୍ୱ
934	ଭୁବନେଶ୍ୱର ଶାସନ	118	126P	0.7496	0.5463	ବନ୍ଧା	ସୁରେନ୍ଦ୍ର ସାହୁ, ନରେନ୍ଦ୍ର ସାହୁ ଜା ନିଜସ୍ୱ
935	ଭୁବନେଶ୍ୱର ଶାସନ	206/7	128/854	0.0405	0.0405	ବନ୍ଧା	ଓଡ଼ିଶା ଉନ୍ନୟନ ନିଗମ ଜା ନିଜସ୍ୱ
936	ଭୁବନେଶ୍ୱର ଶାସନ	206/7	128/853	0.0490	0.0445	ବନ୍ଧା	ଓଡ଼ିଶା ଉନ୍ନୟନ ନିଗମ ଜା ନିଜସ୍ୱ
937	ଭୁବନେଶ୍ୱର ଶାସନ	206/71	128/913	0.0809	0.0445	ବନ୍ଧା	ଓଡ଼ିଶା ଉନ୍ନୟନ ନିଗମ ଜା ନିଜସ୍ୱ
938	ଭୁବନେଶ୍ୱର ଶାସନ	199	129P	0.2560	0.1902	ବନ୍ଧା	ଶିବରାମ ସାହୁ ଜା ନିଜସ୍ୱ
939	ଭୁବନେଶ୍ୱର ଶାସନ	180	130	0.0490	0.0490	ବନ୍ଧା	କଳ୍ପନା ପ୍ରଧାନ ଜା ନିଜସ୍ୱ
940	ଭୁବନେଶ୍ୱର ଶାସନ	118/181	130/652	0.0490	0.0445	ବନ୍ଧା	ରମାକାନ୍ତ ପ୍ରଧାନ ଜା ନିଜସ୍ୱ
941	ଭୁବନେଶ୍ୱର ଶାସନ	206/10	130/856	0.1618	0.1618	ବନ୍ଧା	ଓଡ଼ିଶା ଉନ୍ନୟନ ନିଗମ ଜା ନିଜସ୍ୱ
942	ଭୁବନେଶ୍ୱର ଶାସନ	206/11	130/862	0.0490	0.0490	ବନ୍ଧା	ଓଡ଼ିଶା ଉନ୍ନୟନ ନିଗମ ଜା ନିଜସ୍ୱ
943	ଭୁବନେଶ୍ୱର ଶାସନ	76	131	0.0007	0.0007	ବନ୍ଧା	ଧର୍ମେନ୍ଦ୍ର ସାହୁ ଜା ନିଜସ୍ୱ
